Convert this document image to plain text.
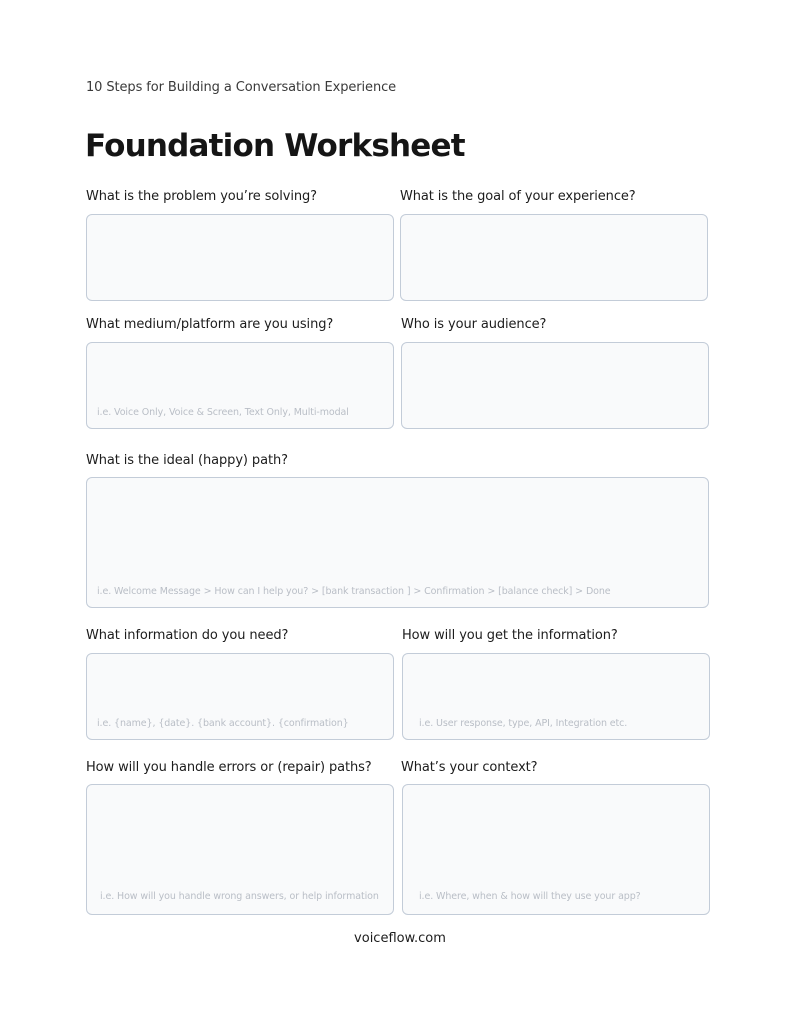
10 Steps for Building a Conversation Experience
Foundation Worksheet
What is the problem you’re solving?	What is the goal of your experience?
What medium/platform are you using?
i.e. Voice Only, Voice & Screen, Text Only, Multi-modal
Who is your audience?
What is the ideal (happy) path?
i.e. Welcome Message > How can I help you? > [bank transaction ] > Confirmation > [balance check] > Done
What information do you need?
i.e. {name}, {date}. {bank account}. {confirmation}
How will you get the information?
i.e. User response, type, API, Integration etc.
How will you handle errors or (repair) paths?
i.e. How will you handle wrong answers, or help information
What’s your context?
i.e. Where, when & how will they use your app?
voiceflow.com
